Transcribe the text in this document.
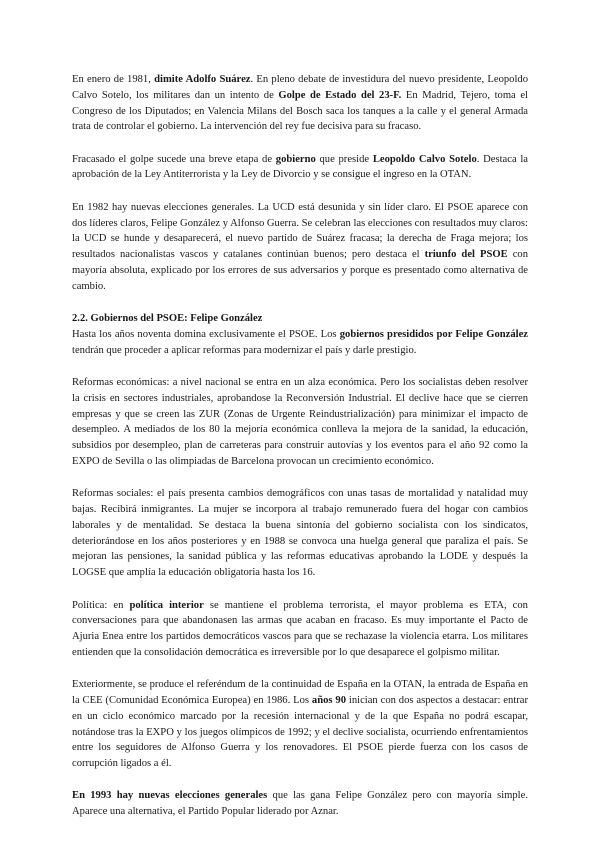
En enero de 1981, dimite Adolfo Suárez. En pleno debate de investidura del nuevo presidente, Leopoldo Calvo Sotelo, los militares dan un intento de Golpe de Estado del 23-F. En Madrid, Tejero, toma el Congreso de los Diputados; en Valencia Milans del Bosch saca los tanques a la calle y el general Armada trata de controlar el gobierno. La intervención del rey fue decisiva para su fracaso.

Fracasado el golpe sucede una breve etapa de gobierno que preside Leopoldo Calvo Sotelo. Destaca la aprobación de la Ley Antiterrorista y la Ley de Divorcio y se consigue el ingreso en la OTAN.

En 1982 hay nuevas elecciones generales. La UCD está desunida y sin líder claro. El PSOE aparece con dos líderes claros, Felipe González y Alfonso Guerra. Se celebran las elecciones con resultados muy claros: la UCD se hunde y desaparecerá, el nuevo partido de Suárez fracasa; la derecha de Fraga mejora; los resultados nacionalistas vascos y catalanes continúan buenos; pero destaca el triunfo del PSOE con mayoría absoluta, explicado por los errores de sus adversarios y porque es presentado como alternativa de cambio.

2.2. Gobiernos del PSOE: Felipe González

Hasta los años noventa domina exclusivamente el PSOE. Los gobiernos presididos por Felipe González tendrán que proceder a aplicar reformas para modernizar el país y darle prestigio.

Reformas económicas: a nivel nacional se entra en un alza económica. Pero los socialistas deben resolver la crisis en sectores industriales, aprobandose la Reconversión Industrial. El declive hace que se cierren empresas y que se creen las ZUR (Zonas de Urgente Reindustrialización) para minimizar el impacto de desempleo. A mediados de los 80 la mejoría económica conlleva la mejora de la sanidad, la educación, subsidios por desempleo, plan de carreteras para construir autovías y los eventos para el año 92 como la EXPO de Sevilla o las olimpiadas de Barcelona provocan un crecimiento económico.

Reformas sociales: el país presenta cambios demográficos con unas tasas de mortalidad y natalidad muy bajas. Recibirá inmigrantes. La mujer se incorpora al trabajo remunerado fuera del hogar con cambios laborales y de mentalidad. Se destaca la buena sintonía del gobierno socialista con los sindicatos, deteriorándose en los años posteriores y en 1988 se convoca una huelga general que paraliza el país. Se mejoran las pensiones, la sanidad pública y las reformas educativas aprobando la LODE y después la LOGSE que amplía la educación obligatoria hasta los 16.

Política: en política interior se mantiene el problema terrorista, el mayor problema es ETA, con conversaciones para que abandonasen las armas que acaban en fracaso. Es muy importante el Pacto de Ajuria Enea entre los partidos democráticos vascos para que se rechazase la violencia etarra. Los militares entienden que la consolidación democrática es irreversible por lo que desaparece el golpismo militar.

Exteriormente, se produce el referéndum de la continuidad de España en la OTAN, la entrada de España en la CEE (Comunidad Económica Europea) en 1986. Los años 90 inician con dos aspectos a destacar: entrar en un ciclo económico marcado por la recesión internacional y de la que España no podrá escapar, notándose tras la EXPO y los juegos olímpicos de 1992; y el declive socialista, ocurriendo enfrentamientos entre los seguidores de Alfonso Guerra y los renovadores. El PSOE pierde fuerza con los casos de corrupción ligados a él.

En 1993 hay nuevas elecciones generales que las gana Felipe González pero con mayoría simple. Aparece una alternativa, el Partido Popular liderado por Aznar.
